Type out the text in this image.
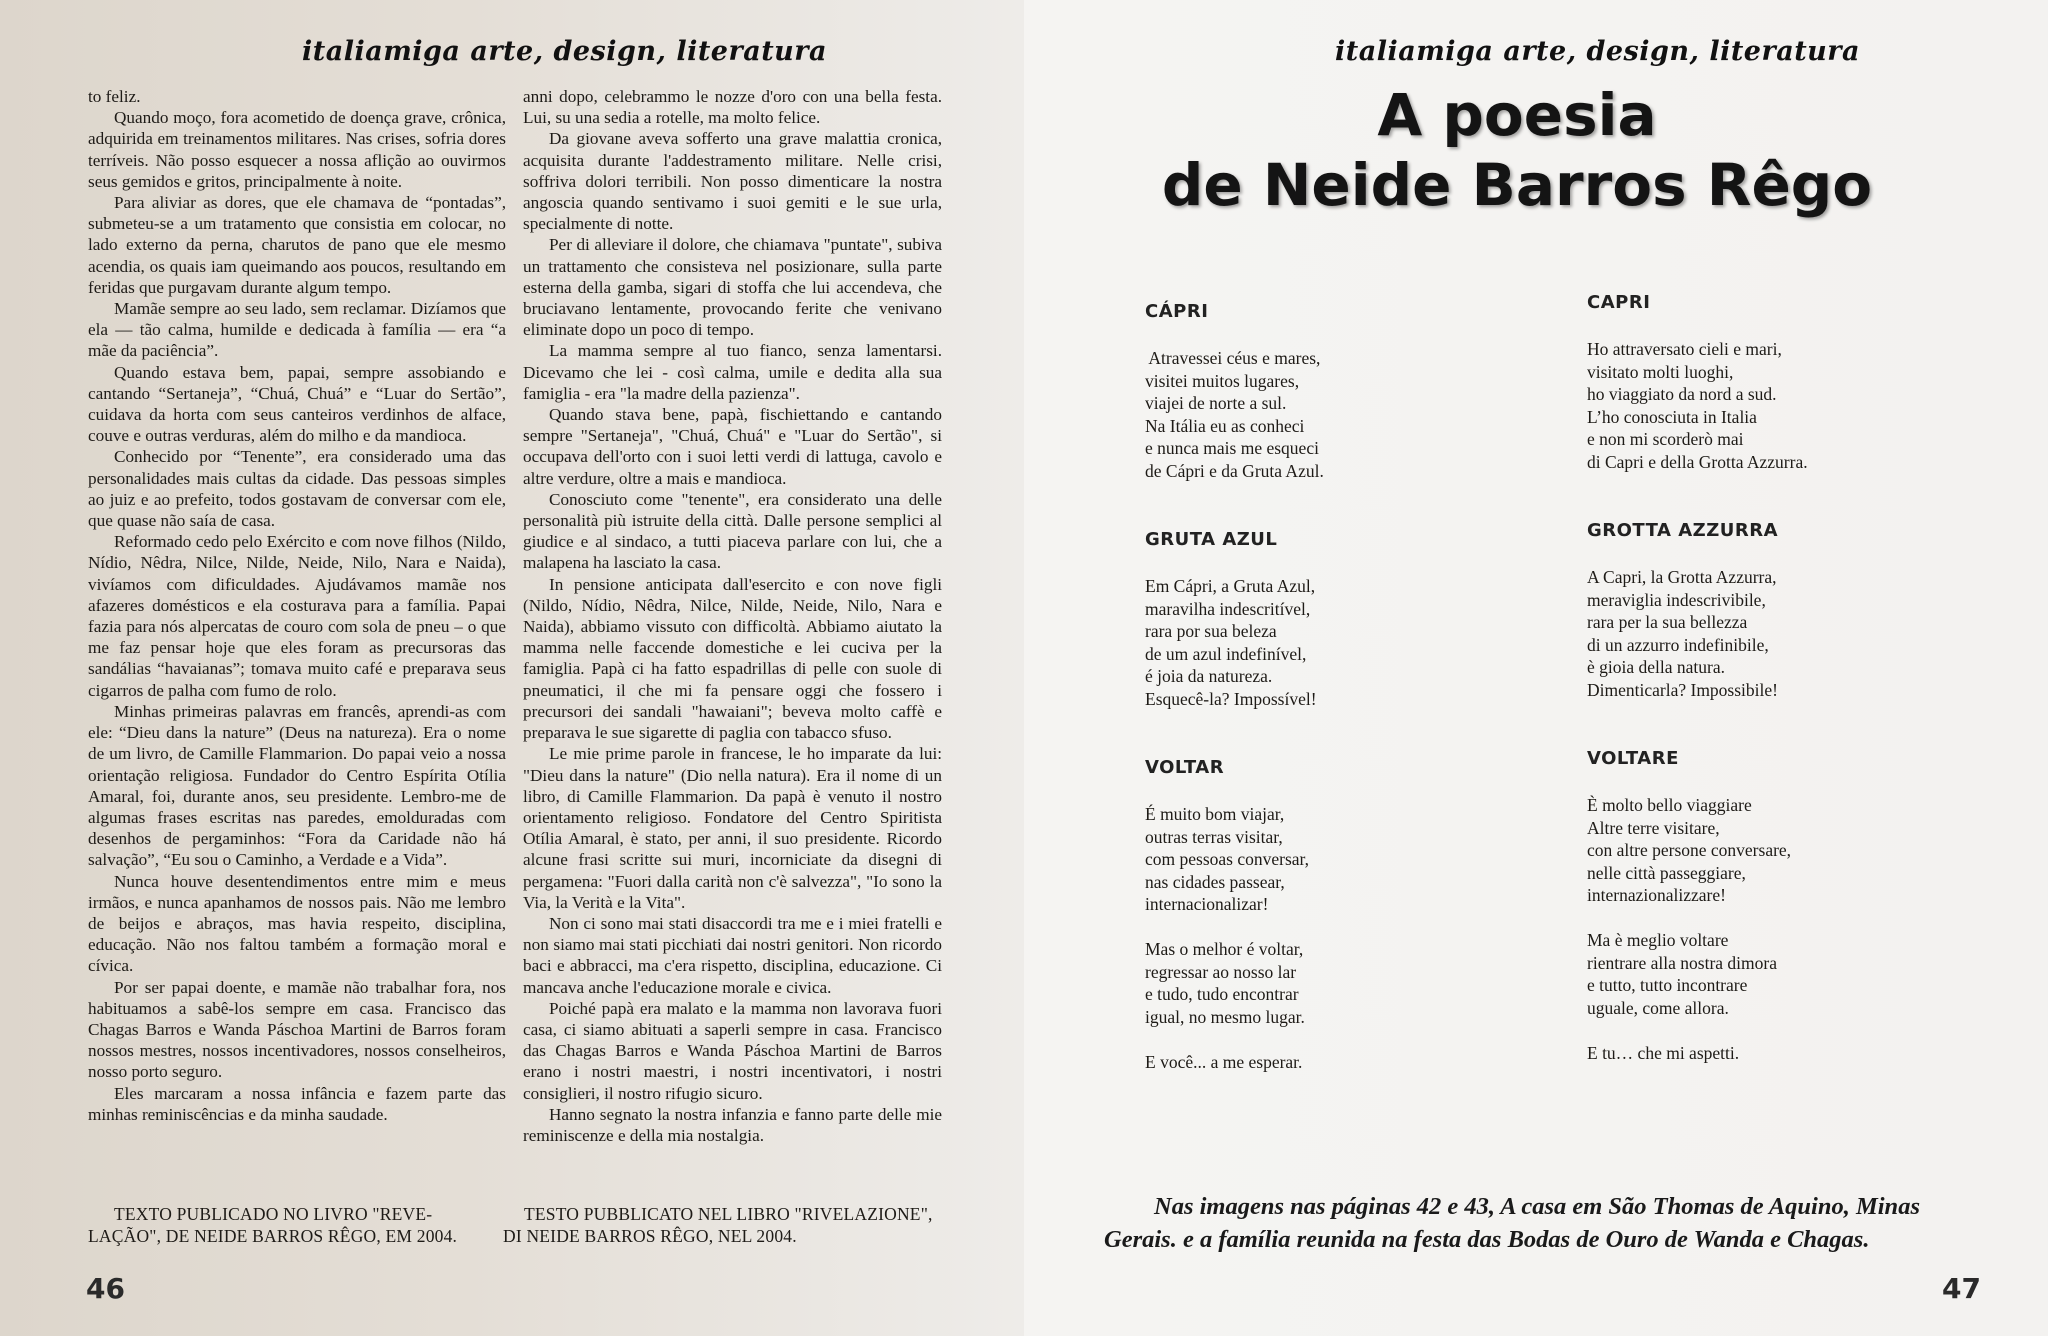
italiamiga arte, design, literatura

to feliz.

Quando moço, fora acometido de doença grave, crônica, adquirida em treinamentos militares. Nas crises, sofria dores terríveis. Não posso esquecer a nossa aflição ao ouvirmos seus gemidos e gritos, principalmente à noite.

Para aliviar as dores, que ele chamava de “pontadas”, submeteu-se a um tratamento que consistia em colocar, no lado externo da perna, charutos de pano que ele mesmo acendia, os quais iam queimando aos poucos, resultando em feridas que purgavam durante algum tempo.

Mamãe sempre ao seu lado, sem reclamar. Dizíamos que ela — tão calma, humilde e dedicada à família — era “a mãe da paciência”.

Quando estava bem, papai, sempre assobiando e cantando “Sertaneja”, “Chuá, Chuá” e “Luar do Sertão”, cuidava da horta com seus canteiros verdinhos de alface, couve e outras verduras, além do milho e da mandioca.

Conhecido por “Tenente”, era considerado uma das personalidades mais cultas da cidade. Das pessoas simples ao juiz e ao prefeito, todos gostavam de conversar com ele, que quase não saía de casa.

Reformado cedo pelo Exército e com nove filhos (Nildo, Nídio, Nêdra, Nilce, Nilde, Neide, Nilo, Nara e Naida), vivíamos com dificuldades. Ajudávamos mamãe nos afazeres domésticos e ela costurava para a família. Papai fazia para nós alpercatas de couro com sola de pneu – o que me faz pensar hoje que eles foram as precursoras das sandálias “havaianas”; tomava muito café e preparava seus cigarros de palha com fumo de rolo.

Minhas primeiras palavras em francês, aprendi-as com ele: “Dieu dans la nature” (Deus na natureza). Era o nome de um livro, de Camille Flammarion. Do papai veio a nossa orientação religiosa. Fundador do Centro Espírita Otília Amaral, foi, durante anos, seu presidente. Lembro-me de algumas frases escritas nas paredes, emolduradas com desenhos de pergaminhos: “Fora da Caridade não há salvação”, “Eu sou o Caminho, a Verdade e a Vida”.

Nunca houve desentendimentos entre mim e meus irmãos, e nunca apanhamos de nossos pais. Não me lembro de beijos e abraços, mas havia respeito, disciplina, educação. Não nos faltou também a formação moral e cívica.

Por ser papai doente, e mamãe não trabalhar fora, nos habituamos a sabê-los sempre em casa. Francisco das Chagas Barros e Wanda Páschoa Martini de Barros foram nossos mestres, nossos incentivadores, nossos conselheiros, nosso porto seguro.

Eles marcaram a nossa infância e fazem parte das minhas reminiscências e da minha saudade.

anni dopo, celebrammo le nozze d'oro con una bella festa. Lui, su una sedia a rotelle, ma molto felice.

Da giovane aveva sofferto una grave malattia cronica, acquisita durante l'addestramento militare. Nelle crisi, soffriva dolori terribili. Non posso dimenticare la nostra angoscia quando sentivamo i suoi gemiti e le sue urla, specialmente di notte.

Per di alleviare il dolore, che chiamava "puntate", subiva un trattamento che consisteva nel posizionare, sulla parte esterna della gamba, sigari di stoffa che lui accendeva, che bruciavano lentamente, provocando ferite che venivano eliminate dopo un poco di tempo.

La mamma sempre al tuo fianco, senza lamentarsi. Dicevamo che lei - così calma, umile e dedita alla sua famiglia - era "la madre della pazienza".

Quando stava bene, papà, fischiettando e cantando sempre "Sertaneja", "Chuá, Chuá" e "Luar do Sertão", si occupava dell'orto con i suoi letti verdi di lattuga, cavolo e altre verdure, oltre a mais e mandioca.

Conosciuto come "tenente", era considerato una delle personalità più istruite della città. Dalle persone semplici al giudice e al sindaco, a tutti piaceva parlare con lui, che a malapena ha lasciato la casa.

In pensione anticipata dall'esercito e con nove figli (Nildo, Nídio, Nêdra, Nilce, Nilde, Neide, Nilo, Nara e Naida), abbiamo vissuto con difficoltà. Abbiamo aiutato la mamma nelle faccende domestiche e lei cuciva per la famiglia. Papà ci ha fatto espadrillas di pelle con suole di pneumatici, il che mi fa pensare oggi che fossero i precursori dei sandali "hawaiani"; beveva molto caffè e preparava le sue sigarette di paglia con tabacco sfuso.

Le mie prime parole in francese, le ho imparate da lui: "Dieu dans la nature" (Dio nella natura). Era il nome di un libro, di Camille Flammarion. Da papà è venuto il nostro orientamento religioso. Fondatore del Centro Spiritista Otília Amaral, è stato, per anni, il suo presidente. Ricordo alcune frasi scritte sui muri, incorniciate da disegni di pergamena: "Fuori dalla carità non c'è salvezza", "Io sono la Via, la Verità e la Vita".

Non ci sono mai stati disaccordi tra me e i miei fratelli e non siamo mai stati picchiati dai nostri genitori. Non ricordo baci e abbracci, ma c'era rispetto, disciplina, educazione. Ci mancava anche l'educazione morale e civica.

Poiché papà era malato e la mamma non lavorava fuori casa, ci siamo abituati a saperli sempre in casa. Francisco das Chagas Barros e Wanda Páschoa Martini de Barros erano i nostri maestri, i nostri incentivatori, i nostri consiglieri, il nostro rifugio sicuro.

Hanno segnato la nostra infanzia e fanno parte delle mie reminiscenze e della mia nostalgia.

TEXTO PUBLICADO NO LIVRO "REVE-
LAÇÃO", DE NEIDE BARROS RÊGO, EM 2004.
TESTO PUBBLICATO NEL LIBRO "RIVELAZIONE",
DI NEIDE BARROS RÊGO, NEL 2004.
46
italiamiga arte, design, literatura
A poesia
de Neide Barros Rêgo
47
CÁPRI
Atravessei céus e mares,
visitei muitos lugares,
viajei de norte a sul.
Na Itália eu as conheci
e nunca mais me esqueci
de Cápri e da Gruta Azul.
GRUTA AZUL
Em Cápri, a Gruta Azul,
maravilha indescritível,
rara por sua beleza
de um azul indefinível,
é joia da natureza.
Esquecê-la? Impossível!
VOLTAR
É muito bom viajar,
outras terras visitar,
com pessoas conversar,
nas cidades passear,
internacionalizar!
Mas o melhor é voltar,
regressar ao nosso lar
e tudo, tudo encontrar
igual, no mesmo lugar.
E você... a me esperar.
CAPRI
Ho attraversato cieli e mari,
visitato molti luoghi,
ho viaggiato da nord a sud.
L’ho conosciuta in Italia
e non mi scorderò mai
di Capri e della Grotta Azzurra.
GROTTA AZZURRA
A Capri, la Grotta Azzurra,
meraviglia indescrivibile,
rara per la sua bellezza
di un azzurro indefinibile,
è gioia della natura.
Dimenticarla? Impossibile!
VOLTARE
È molto bello viaggiare
Altre terre visitare,
con altre persone conversare,
nelle città passeggiare,
internazionalizzare!
Ma è meglio voltare
rientrare alla nostra dimora
e tutto, tutto incontrare
uguale, come allora.
E tu… che mi aspetti.
Nas imagens nas páginas 42 e 43, A casa em São Thomas de Aquino, Minas
Gerais. e a família reunida na festa das Bodas de Ouro de Wanda e Chagas.
